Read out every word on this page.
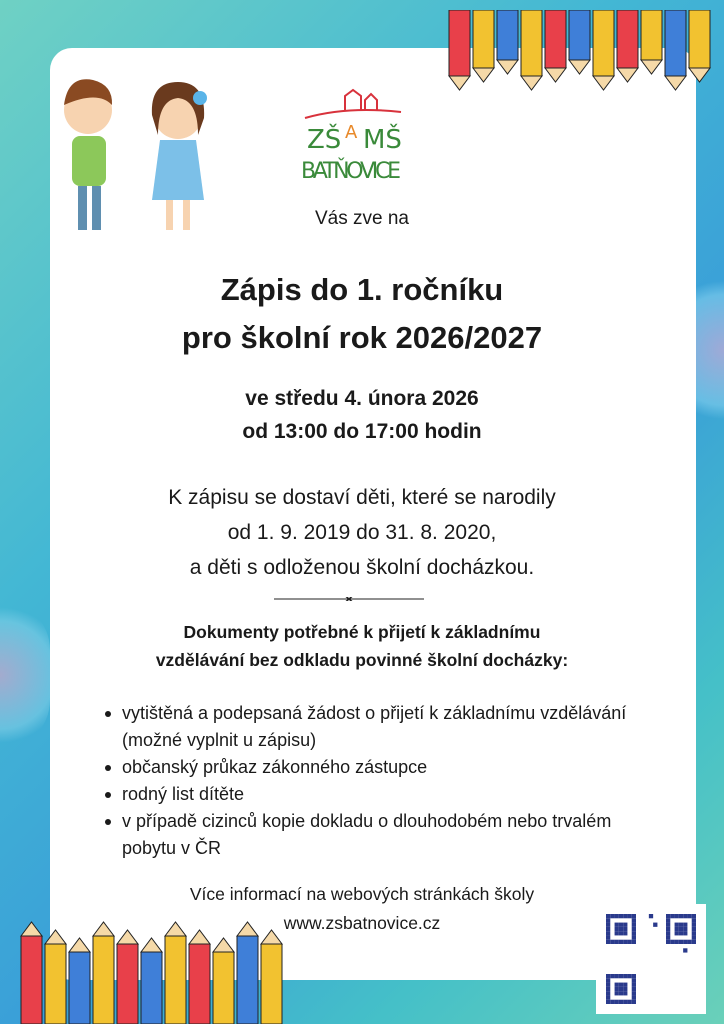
ZŠ A MŠ
BATŇOVICE
Vás zve na
Zápis do 1. ročníku
pro školní rok 2026/2027
ve středu 4. února 2026
od 13:00 do 17:00 hodin
K zápisu se dostaví děti, které se narodily
od 1. 9. 2019 do 31. 8. 2020,
a děti s odloženou školní docházkou.
Dokumenty potřebné k přijetí k základnímu
vzdělávání bez odkladu povinné školní docházky:
vytištěná a podepsaná žádost o přijetí k základnímu vzdělávání (možné vyplnit u zápisu)
občanský průkaz zákonného zástupce
rodný list dítěte
v případě cizinců kopie dokladu o dlouhodobém nebo trvalém pobytu v ČR
Více informací na webových stránkách školy
www.zsbatnovice.cz
